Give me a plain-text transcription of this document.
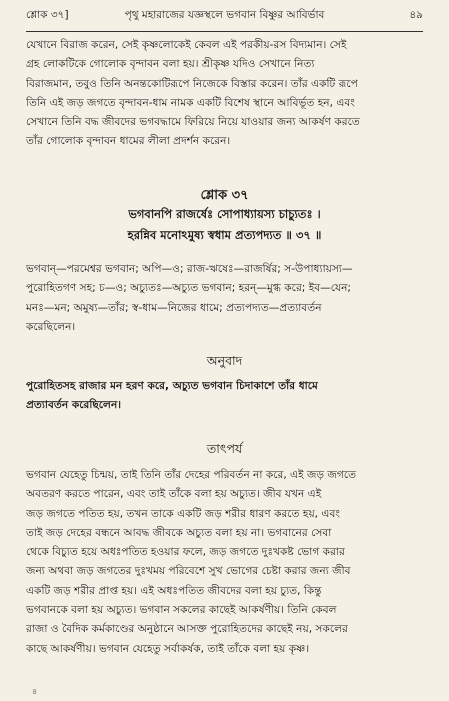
শ্লোক ৩৭]	পৃথু মহারাজের যজ্ঞস্থলে ভগবান বিষ্ণুর আবির্ভাব	৪৯
যেখানে বিরাজ করেন, সেই কৃষ্ণলোকেই কেবল এই পরকীয়-রস বিদ্যমান। সেই
গ্রহ লোকটিকে গোলোক বৃন্দাবন বলা হয়। শ্রীকৃষ্ণ যদিও সেখানে নিত্য
বিরাজমান, তবুও তিনি অনন্তকোটিরূপে নিজেকে বিস্তার করেন। তাঁর একটি রূপে
তিনি এই জড় জগতে বৃন্দাবন-ধাম নামক একটি বিশেষ স্থানে আবির্ভূত হন, এবং
সেখানে তিনি বদ্ধ জীবদের ভগবদ্ধামে ফিরিয়ে নিয়ে যাওয়ার জন্য আকর্ষণ করতে
তাঁর গোলোক বৃন্দাবন ধামের লীলা প্রদর্শন করেন।
শ্লোক ৩৭
ভগবানপি রাজর্ষেঃ সোপাধ্যায়স্য চাচ্যুতঃ ।
হরন্নিব মনোঽমুষ্য স্বধাম প্রত্যপদ্যত ॥ ৩৭ ॥
ভগবান্—পরমেশ্বর ভগবান; অপি—ও; রাজ-ঋষেঃ—রাজর্ষির; স-উপাধ্যায়স্য—
পুরোহিতগণ সহ; চ—ও; অচ্যুতঃ—অচ্যুত ভগবান; হরন্—মুগ্ধ করে; ইব—যেন;
মনঃ—মন; অমুষ্য—তাঁর; স্ব-ধাম—নিজের ধামে; প্রত্যপদ্যত—প্রত্যাবর্তন
করেছিলেন।
অনুবাদ
পুরোহিতসহ রাজার মন হরণ করে, অচ্যুত ভগবান চিদাকাশে তাঁর ধামে
প্রত্যাবর্তন করেছিলেন।
তাৎপর্য
ভগবান যেহেতু চিন্ময়, তাই তিনি তাঁর দেহের পরিবর্তন না করে, এই জড় জগতে
অবতরণ করতে পারেন, এবং তাই তাঁকে বলা হয় অচ্যুত। জীব যখন এই
জড় জগতে পতিত হয়, তখন তাকে একটি জড় শরীর ধারণ করতে হয়, এবং
তাই জড় দেহের বন্ধনে আবদ্ধ জীবকে অচ্যুত বলা হয় না। ভগবানের সেবা
থেকে বিচ্যুত হয়ে অধঃপতিত হওয়ার ফলে, জড় জগতে দুঃখকষ্ট ভোগ করার
জন্য অথবা জড় জগতের দুঃখময় পরিবেশে সুখ ভোগের চেষ্টা করার জন্য জীব
একটি জড় শরীর প্রাপ্ত হয়। এই অধঃপতিত জীবদের বলা হয় চ্যুত, কিন্তু
ভগবানকে বলা হয় অচ্যুত। ভগবান সকলের কাছেই আকর্ষণীয়। তিনি কেবল
রাজা ও বৈদিক কর্মকাণ্ডের অনুষ্ঠানে আসক্ত পুরোহিতদের কাছেই নয়, সকলের
কাছে আকর্ষণীয়। ভগবান যেহেতু সর্বাকর্ষক, তাই তাঁকে বলা হয় কৃষ্ণ।
৪
